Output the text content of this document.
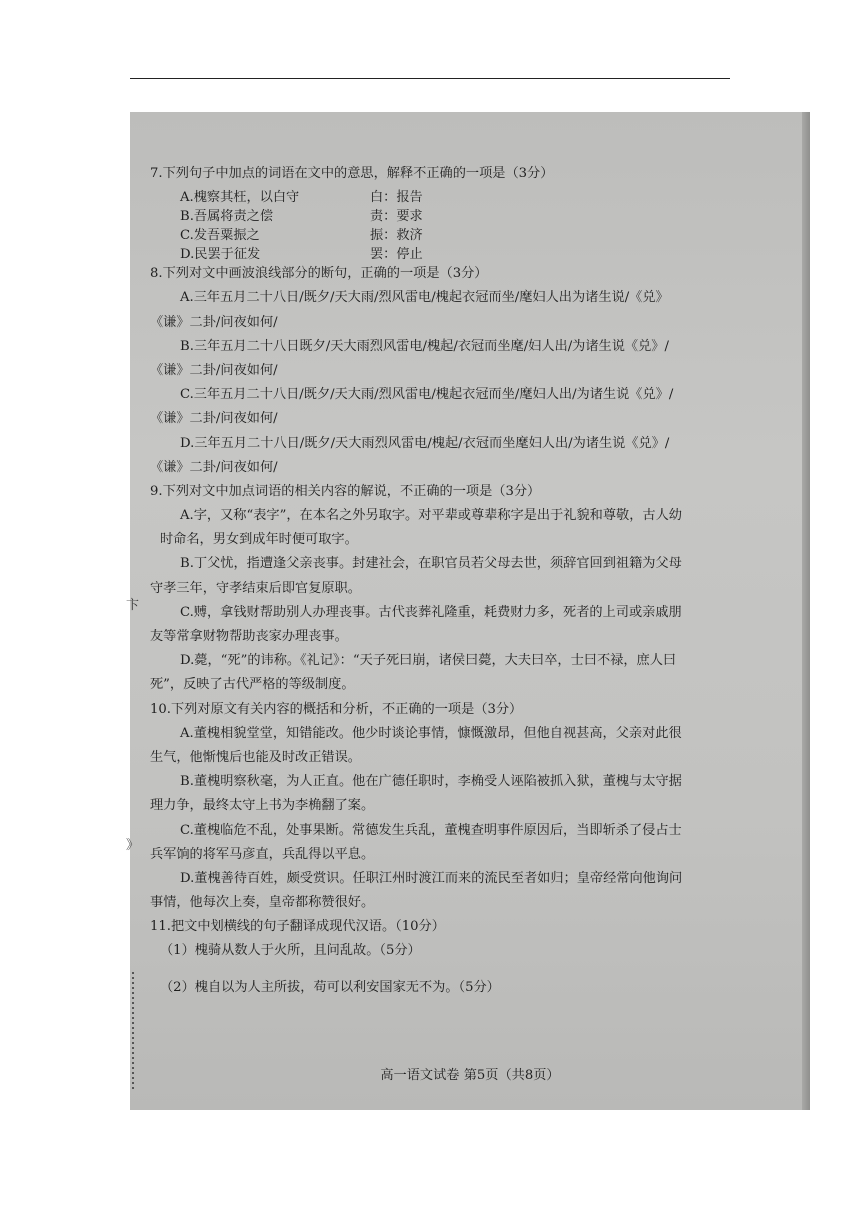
卞
》
7.下列句子中加点的词语在文中的意思，解释不正确的一项是（3分）
A.槐察其枉，以白守	白：报告
B.吾属将责之偿	责：要求
C.发吾粟振之	振：救济
D.民罢于征发	罢：停止
8.下列对文中画波浪线部分的断句，正确的一项是（3分）
A.三年五月二十八日/既夕/天大雨/烈风雷电/槐起衣冠而坐/麾妇人出为诸生说/《兑》
《谦》二卦/问夜如何/
B.三年五月二十八日既夕/天大雨烈风雷电/槐起/衣冠而坐麾/妇人出/为诸生说《兑》/
《谦》二卦/问夜如何/
C.三年五月二十八日/既夕/天大雨/烈风雷电/槐起衣冠而坐/麾妇人出/为诸生说《兑》/
《谦》二卦/问夜如何/
D.三年五月二十八日/既夕/天大雨烈风雷电/槐起/衣冠而坐麾妇人出/为诸生说《兑》/
《谦》二卦/问夜如何/
9.下列对文中加点词语的相关内容的解说，不正确的一项是（3分）
A.字，又称“表字”，在本名之外另取字。对平辈或尊辈称字是出于礼貌和尊敬，古人幼
时命名，男女到成年时便可取字。
B.丁父忧，指遭逢父亲丧事。封建社会，在职官员若父母去世，须辞官回到祖籍为父母
守孝三年，守孝结束后即官复原职。
C.赙，拿钱财帮助别人办理丧事。古代丧葬礼隆重，耗费财力多，死者的上司或亲戚朋
友等常拿财物帮助丧家办理丧事。
D.薨，“死”的讳称。《礼记》：“天子死曰崩，诸侯曰薨，大夫曰卒，士曰不禄，庶人曰
死”，反映了古代严格的等级制度。
10.下列对原文有关内容的概括和分析，不正确的一项是（3分）
A.董槐相貌堂堂，知错能改。他少时谈论事情，慷慨激昂，但他自视甚高，父亲对此很
生气，他惭愧后也能及时改正错误。
B.董槐明察秋毫，为人正直。他在广德任职时，李桷受人诬陷被抓入狱，董槐与太守据
理力争，最终太守上书为李桷翻了案。
C.董槐临危不乱，处事果断。常德发生兵乱，董槐查明事件原因后，当即斩杀了侵占士
兵军饷的将军马彦直，兵乱得以平息。
D.董槐善待百姓，颇受赏识。任职江州时渡江而来的流民至者如归；皇帝经常向他询问
事情，他每次上奏，皇帝都称赞很好。
11.把文中划横线的句子翻译成现代汉语。（10分）
（1）槐骑从数人于火所，且问乱故。（5分）
（2）槐自以为人主所拔，苟可以利安国家无不为。（5分）
高一语文试卷 第5页（共8页）
